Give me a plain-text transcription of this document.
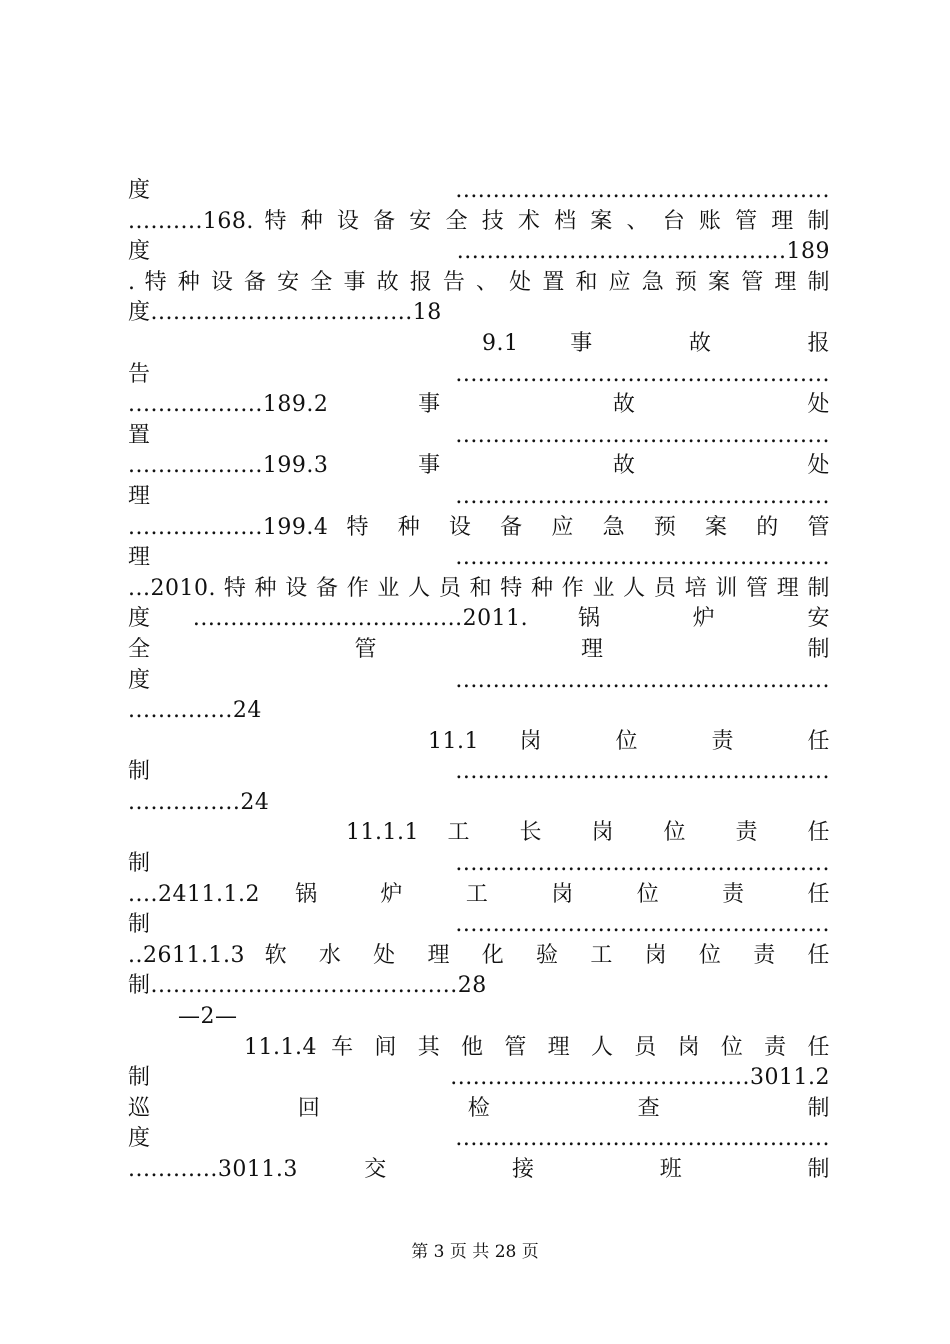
度..................................................
..........168. 特 种 设 备 安 全 技 术 档 案 、 台 账 管 理 制
度............................................189
. 特 种 设 备 安 全 事 故 报 告 、 处 置 和 应 急 预 案 管 理 制
度...................................18
9.1 事 故 报
告..................................................
..................189.2 事 故 处
置..................................................
..................199.3 事 故 处
理..................................................
..................199.4 特 种 设 备 应 急 预 案 的 管
理..................................................
...2010. 特 种 设 备 作 业 人 员 和 特 种 作 业 人 员 培 训 管 理 制
度....................................2011. 锅 炉 安
全 管 理 制
度..................................................
..............24
11.1 岗 位 责 任
制..................................................
...............24
11.1.1 工 长 岗 位 责 任
制..................................................
....2411.1.2 锅 炉 工 岗 位 责 任
制..................................................
..2611.1.3 软 水 处 理 化 验 工 岗 位 责 任
制.........................................28
—2—
11.1.4 车 间 其 他 管 理 人 员 岗 位 责 任
制 ........................................3011.2
巡 回 检 查 制
度..................................................
............3011.3 交 接 班 制
第 3 页 共 28 页
